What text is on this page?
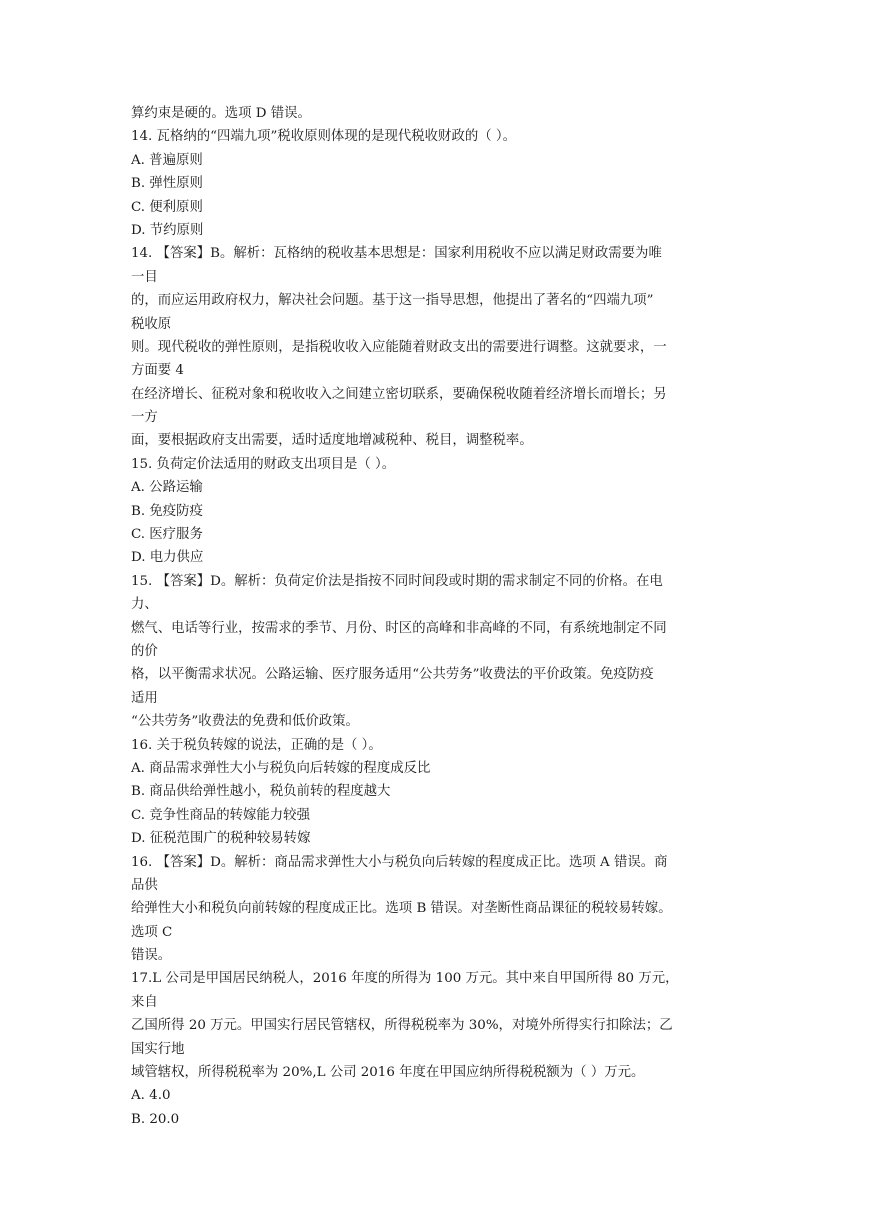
算约束是硬的。选项 D 错误。
14. 瓦格纳的“四端九项”税收原则体现的是现代税收财政的（ ）。
A. 普遍原则
B. 弹性原则
C. 便利原则
D. 节约原则
14. 【答案】B。解析：瓦格纳的税收基本思想是：国家利用税收不应以满足财政需要为唯
一目
的，而应运用政府权力，解决社会问题。基于这一指导思想，他提出了著名的“四端九项”
税收原
则。现代税收的弹性原则，是指税收收入应能随着财政支出的需要进行调整。这就要求，一
方面要 4
在经济增长、征税对象和税收收入之间建立密切联系，要确保税收随着经济增长而增长；另
一方
面，要根据政府支出需要，适时适度地增减税种、税目，调整税率。
15. 负荷定价法适用的财政支出项目是（ ）。
A. 公路运输
B. 免疫防疫
C. 医疗服务
D. 电力供应
15. 【答案】D。解析：负荷定价法是指按不同时间段或时期的需求制定不同的价格。在电
力、
燃气、电话等行业，按需求的季节、月份、时区的高峰和非高峰的不同，有系统地制定不同
的价
格，以平衡需求状况。公路运输、医疗服务适用“公共劳务”收费法的平价政策。免疫防疫
适用
“公共劳务”收费法的免费和低价政策。
16. 关于税负转嫁的说法，正确的是（ ）。
A. 商品需求弹性大小与税负向后转嫁的程度成反比
B. 商品供给弹性越小，税负前转的程度越大
C. 竞争性商品的转嫁能力较强
D. 征税范围广的税种较易转嫁
16. 【答案】D。解析：商品需求弹性大小与税负向后转嫁的程度成正比。选项 A 错误。商
品供
给弹性大小和税负向前转嫁的程度成正比。选项 B 错误。对垄断性商品课征的税较易转嫁。
选项 C
错误。
17.L 公司是甲国居民纳税人，2016 年度的所得为 100 万元。其中来自甲国所得 80 万元，
来自
乙国所得 20 万元。甲国实行居民管辖权，所得税税率为 30%，对境外所得实行扣除法；乙
国实行地
域管辖权，所得税税率为 20%,L 公司 2016 年度在甲国应纳所得税税额为（ ）万元。
A. 4.0
B. 20.0
